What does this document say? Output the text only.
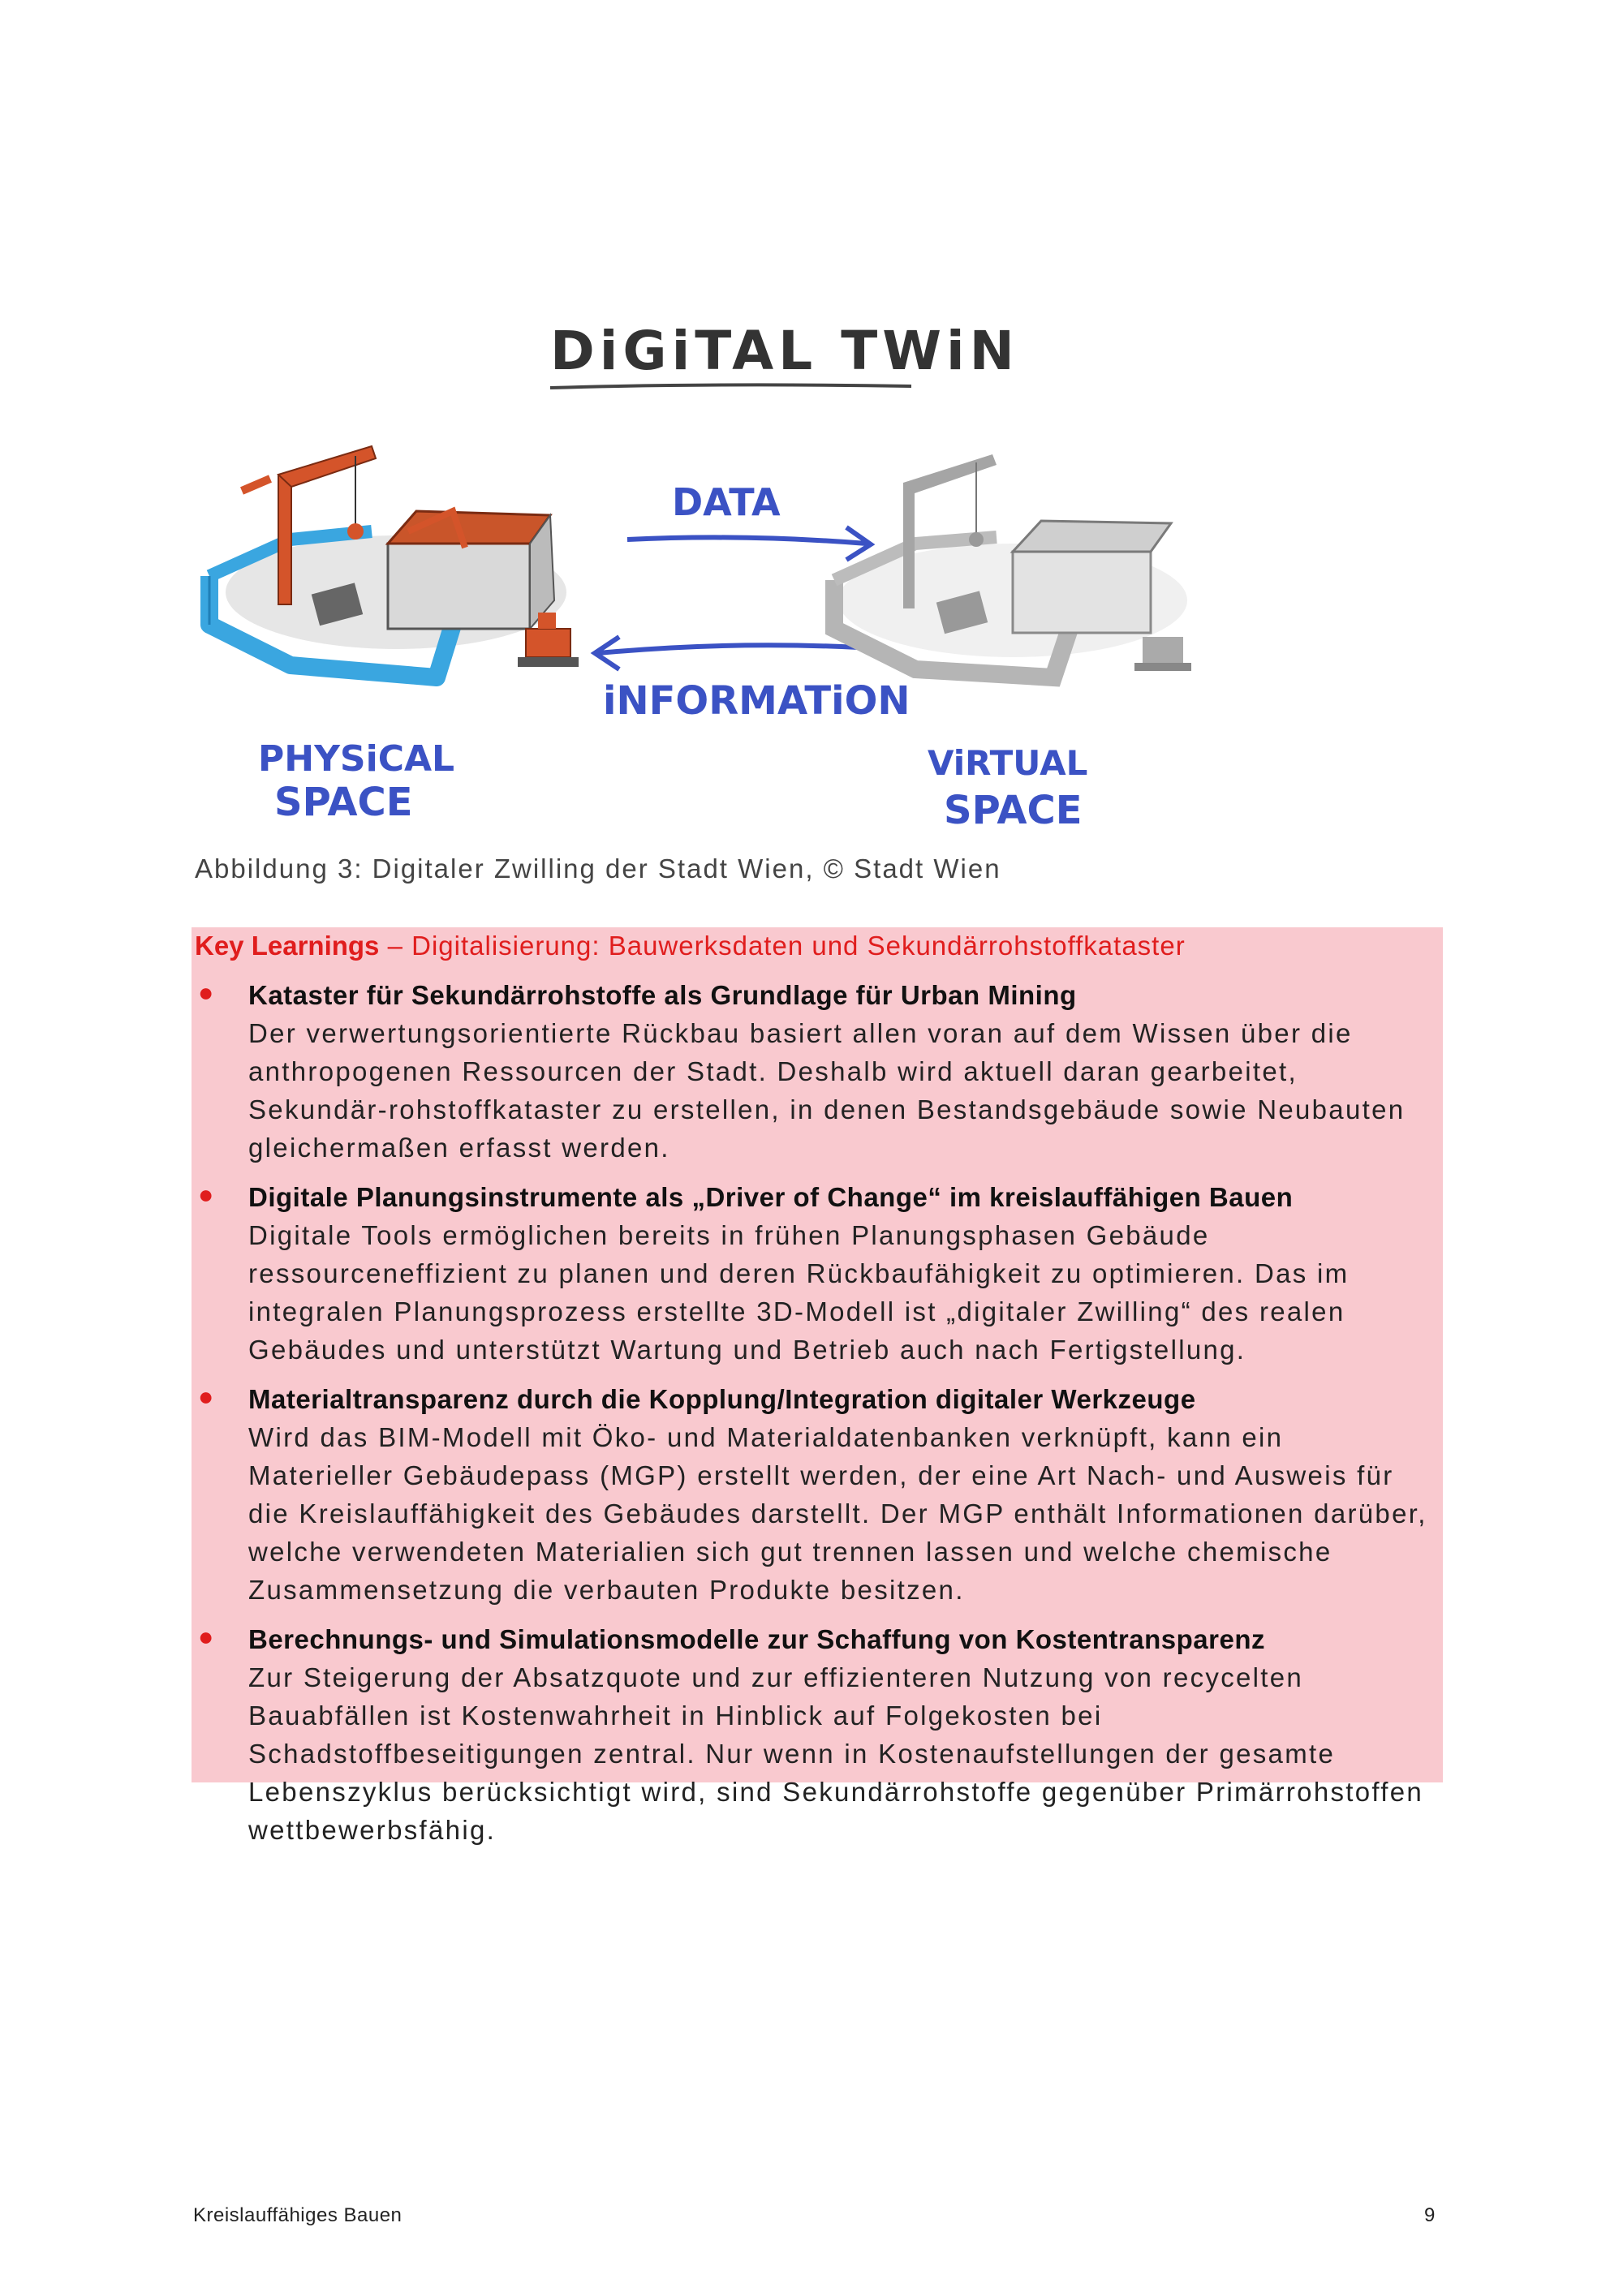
DiGiTAL TWiN
DATA
iNFORMATiON
PHYSiCAL
SPACE
ViRTUAL
SPACE
Abbildung 3: Digitaler Zwilling der Stadt Wien, © Stadt Wien
Key Learnings – Digitalisierung: Bauwerksdaten und Sekundärrohstoffkataster
● Kataster für Sekundärrohstoffe als Grundlage für Urban Mining
Der verwertungsorientierte Rückbau basiert allen voran auf dem Wissen über die anthropogenen Ressourcen der Stadt. Deshalb wird aktuell daran gearbeitet, Sekundär-rohstoffkataster zu erstellen, in denen Bestandsgebäude sowie Neubauten gleichermaßen erfasst werden.
● Digitale Planungsinstrumente als „Driver of Change“ im kreislauffähigen Bauen
Digitale Tools ermöglichen bereits in frühen Planungsphasen Gebäude ressourceneffizient zu planen und deren Rückbaufähigkeit zu optimieren. Das im integralen Planungsprozess erstellte 3D-Modell ist „digitaler Zwilling“ des realen Gebäudes und unterstützt Wartung und Betrieb auch nach Fertigstellung.
● Materialtransparenz durch die Kopplung/Integration digitaler Werkzeuge
Wird das BIM-Modell mit Öko- und Materialdatenbanken verknüpft, kann ein Materieller Gebäudepass (MGP) erstellt werden, der eine Art Nach- und Ausweis für die Kreislauffähigkeit des Gebäudes darstellt. Der MGP enthält Informationen darüber, welche verwendeten Materialien sich gut trennen lassen und welche chemische Zusammensetzung die verbauten Produkte besitzen.
● Berechnungs- und Simulationsmodelle zur Schaffung von Kostentransparenz
Zur Steigerung der Absatzquote und zur effizienteren Nutzung von recycelten Bauabfällen ist Kostenwahrheit in Hinblick auf Folgekosten bei Schadstoffbeseitigungen zentral. Nur wenn in Kostenaufstellungen der gesamte Lebenszyklus berücksichtigt wird, sind Sekundärrohstoffe gegenüber Primärrohstoffen wettbewerbsfähig.
Kreislauffähiges Bauen	9
